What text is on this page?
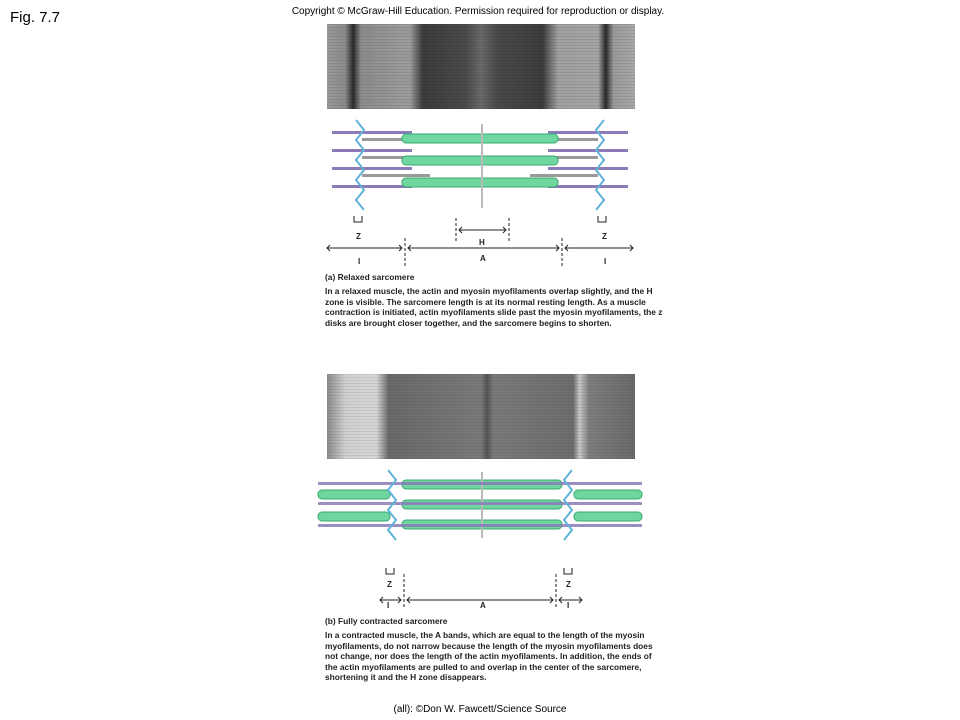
Fig. 7.7	Copyright © McGraw-Hill Education. Permission required for reproduction or display.
Z	Z
H
A
I	I
(a) Relaxed sarcomere
In a relaxed muscle, the actin and myosin myofilaments overlap slightly, and the H zone is visible. The sarcomere length is at its normal resting length. As a muscle contraction is initiated, actin myofilaments slide past the myosin myofilaments, the z disks are brought closer together, and the sarcomere begins to shorten.
Z	Z
A
I	I
(b) Fully contracted sarcomere
In a contracted muscle, the A bands, which are equal to the length of the myosin myofilaments, do not narrow because the length of the myosin myofilaments does not change, nor does the length of the actin myofilaments. In addition, the ends of the actin myofilaments are pulled to and overlap in the center of the sarcomere, shortening it and the H zone disappears.
(all): ©Don W. Fawcett/Science Source
